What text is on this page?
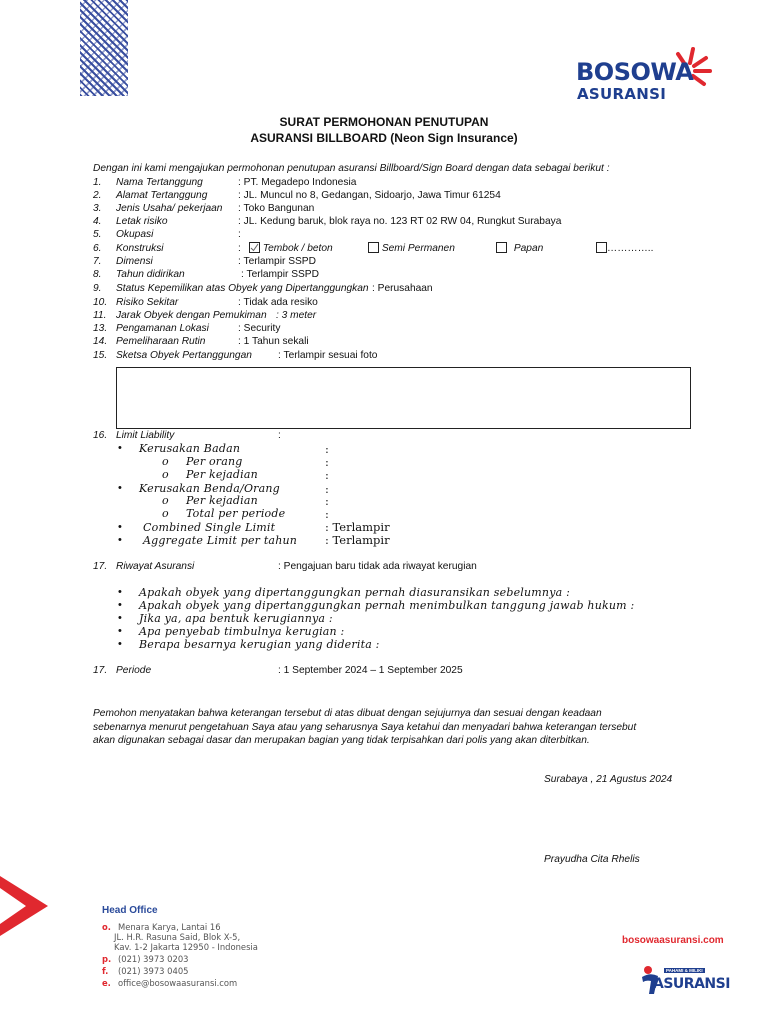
BOSOWA
ASURANSI
SURAT PERMOHONAN PENUTUPAN
ASURANSI BILLBOARD (Neon Sign Insurance)
Dengan ini kami mengajukan permohonan penutupan asuransi Billboard/Sign Board dengan data sebagai berikut :
1. Nama Tertanggung	: PT. Megadepo Indonesia
2. Alamat Tertanggung	: JL. Muncul no 8, Gedangan, Sidoarjo, Jawa Timur 61254
3. Jenis Usaha/ pekerjaan : Toko Bangunan
4. Letak risiko	: JL. Kedung baruk, blok raya no. 123 RT 02 RW 04, Rungkut Surabaya
5. Okupasi	:
6. Konstruksi	:	Tembok / beton	Semi Permanen	Papan	…………..
7. Dimensi	: Terlampir SSPD
8. Tahun didirikan	: Terlampir SSPD
9. Status Kepemilikan atas Obyek yang Dipertanggungkan : Perusahaan
10. Risiko Sekitar	: Tidak ada resiko
11. Jarak Obyek dengan Pemukiman : 3 meter
13. Pengamanan Lokasi	: Security
14. Pemeliharaan Rutin	: 1 Tahun sekali
15. Sketsa Obyek Pertanggungan	: Terlampir sesuai foto
16. Limit Liability	:
• Kerusakan Badan	:
o Per orang	:
o Per kejadian	:
• Kerusakan Benda/Orang	:
o Per kejadian	:
o Total per periode	:
• Combined Single Limit	: Terlampir
• Aggregate Limit per tahun : Terlampir
17. Riwayat Asuransi	: Pengajuan baru tidak ada riwayat kerugian
• Apakah obyek yang dipertanggungkan pernah diasuransikan sebelumnya :
• Apakah obyek yang dipertanggungkan pernah menimbulkan tanggung jawab hukum :
• Jika ya, apa bentuk kerugiannya :
• Apa penyebab timbulnya kerugian :
• Berapa besarnya kerugian yang diderita :
17. Periode	: 1 September 2024 – 1 September 2025
Pemohon menyatakan bahwa keterangan tersebut di atas dibuat dengan sejujurnya dan sesuai dengan keadaan
sebenarnya menurut pengetahuan Saya atau yang seharusnya Saya ketahui dan menyadari bahwa keterangan tersebut
akan digunakan sebagai dasar dan merupakan bagian yang tidak terpisahkan dari polis yang akan diterbitkan.
Surabaya , 21 Agustus 2024
Prayudha Cita Rhelis
Head Office
o. Menara Karya, Lantai 16
JL. H.R. Rasuna Said, Blok X-5,
Kav. 1-2 Jakarta 12950 - Indonesia
p. (021) 3973 0203
f. (021) 3973 0405
e. office@bosowaasuransi.com
bosowaasuransi.com
PAHAMI & MILIKI
ASURANSI
